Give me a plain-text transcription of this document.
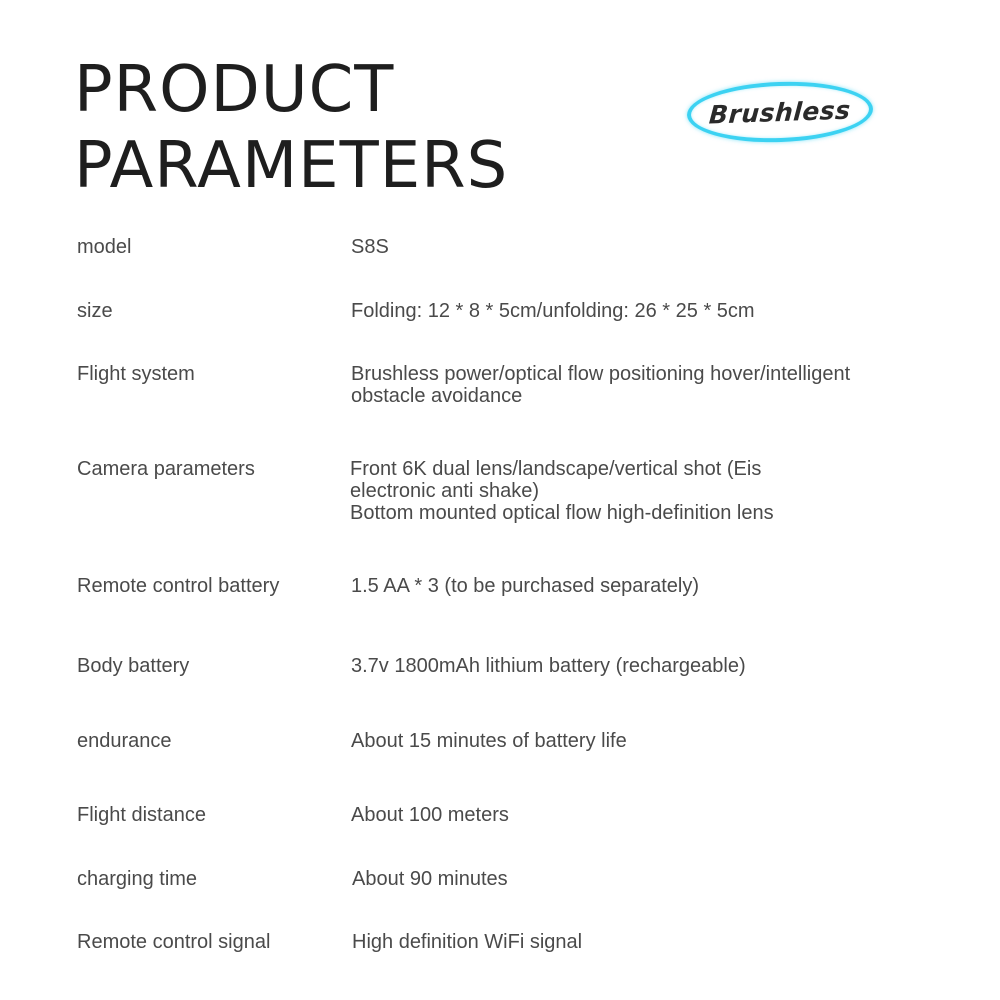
PRODUCT
PARAMETERS
Brushless
model	S8S
size	Folding: 12 * 8 * 5cm/unfolding: 26 * 25 * 5cm
Flight system	Brushless power/optical flow positioning hover/intelligent
obstacle avoidance
Camera parameters	Front 6K dual lens/landscape/vertical shot (Eis
electronic anti shake)
Bottom mounted optical flow high-definition lens
Remote control battery	1.5 AA * 3 (to be purchased separately)
Body battery	3.7v 1800mAh lithium battery (rechargeable)
endurance	About 15 minutes of battery life
Flight distance	About 100 meters
charging time	About 90 minutes
Remote control signal	High definition WiFi signal
